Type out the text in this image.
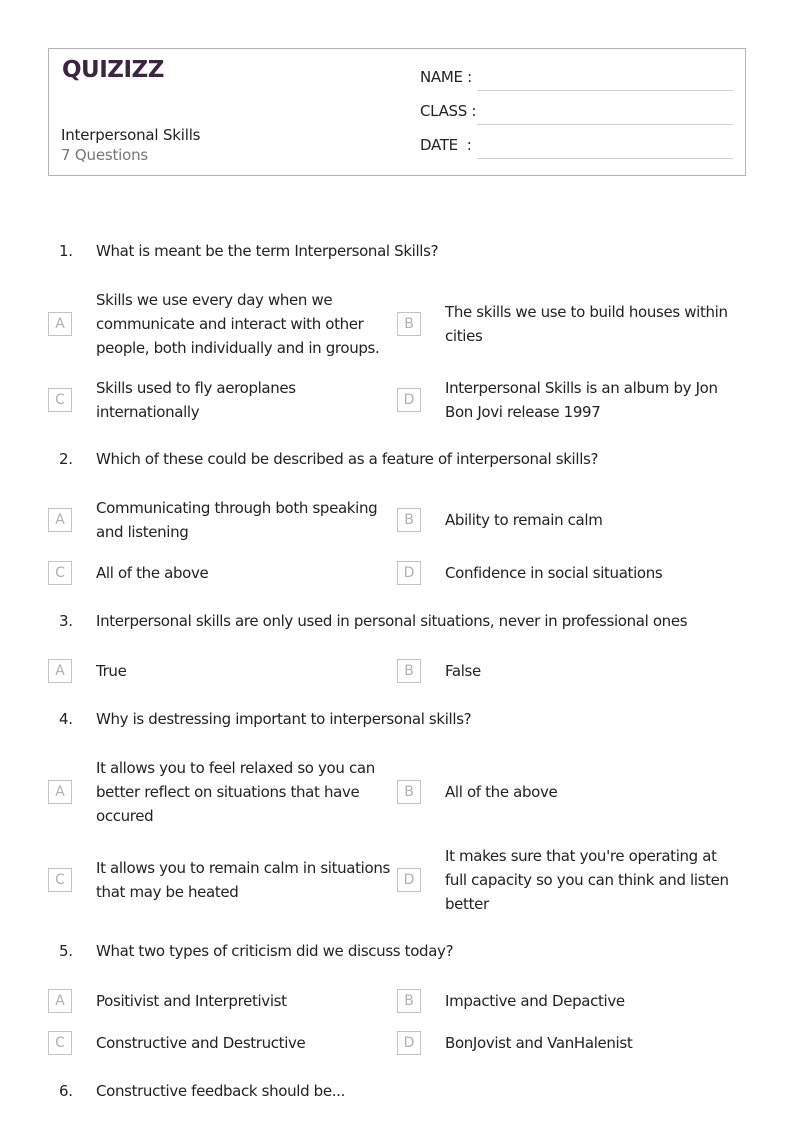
QUIZIZZ
Interpersonal Skills
7 Questions
NAME :
CLASS :
DATE  :
1. What is meant be the term Interpersonal Skills?
A
Skills we use every day when we communicate and interact with other people, both individually and in groups.
B
The skills we use to build houses within cities
C
Skills used to fly aeroplanes internationally
D
Interpersonal Skills is an album by Jon Bon Jovi release 1997
2. Which of these could be described as a feature of interpersonal skills?
A
Communicating through both speaking and listening
B	Ability to remain calm
C	All of the above	D	Confidence in social situations
3. Interpersonal skills are only used in personal situations, never in professional ones
A	True	B	False
4. Why is destressing important to interpersonal skills?
A
It allows you to feel relaxed so you can better reflect on situations that have occured
B	All of the above
C
It allows you to remain calm in situations that may be heated
D
It makes sure that you're operating at full capacity so you can think and listen better
5. What two types of criticism did we discuss today?
A	Positivist and Interpretivist	B	Impactive and Depactive
C	Constructive and Destructive	D	BonJovist and VanHalenist
6. Constructive feedback should be...
